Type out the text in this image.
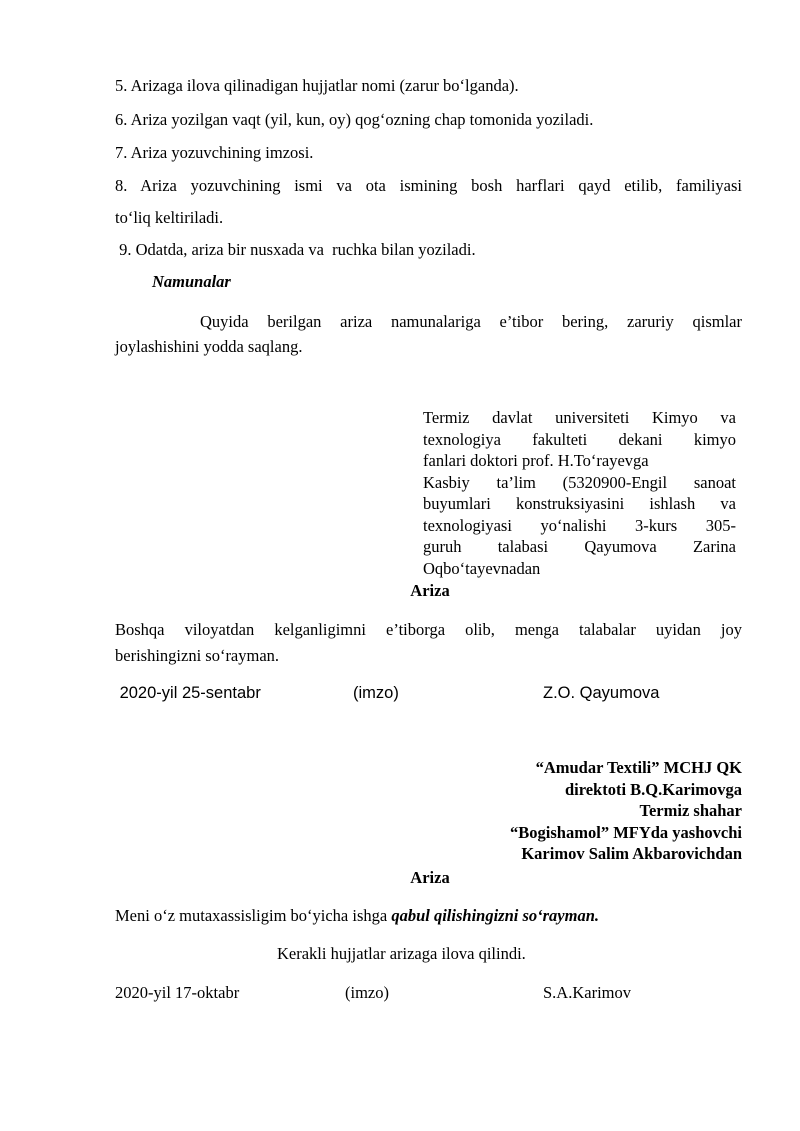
5. Arizaga ilova qilinadigan hujjatlar nomi (zarur bo‘lganda).
6. Ariza yozilgan vaqt (yil, kun, oy) qog‘ozning chap tomonida yoziladi.
7. Ariza yozuvchining imzosi.
8. Ariza yozuvchining ismi va ota ismining bosh harflari qayd etilib, familiyasi
to‘liq keltiriladi.
9. Odatda, ariza bir nusxada va  ruchka bilan yoziladi.
Namunalar
Quyida berilgan ariza namunalariga e’tibor bering, zaruriy qismlar
joylashishini yodda saqlang.
Termiz davlat universiteti Kimyo va
texnologiya fakulteti dekani kimyo
fanlari doktori prof. H.To‘rayevga
Kasbiy ta’lim (5320900-Engil sanoat
buyumlari konstruksiyasini ishlash va
texnologiyasi yo‘nalishi 3-kurs 305-
guruh talabasi Qayumova Zarina
Oqbo‘tayevnadan
Ariza
Boshqa viloyatdan kelganligimni e’tiborga olib, menga talabalar uyidan joy
berishingizni so‘rayman.
2020-yil 25-sentabr	(imzo)	Z.O. Qayumova
“Amudar Textili” MCHJ QK
direktoti B.Q.Karimovga
Termiz shahar
“Bogishamol” MFYda yashovchi
Karimov Salim Akbarovichdan
Ariza
Meni o‘z mutaxassisligim bo‘yicha ishga qabul qilishingizni so‘rayman.
Kerakli hujjatlar arizaga ilova qilindi.
2020-yil 17-oktabr	(imzo)	S.A.Karimov
